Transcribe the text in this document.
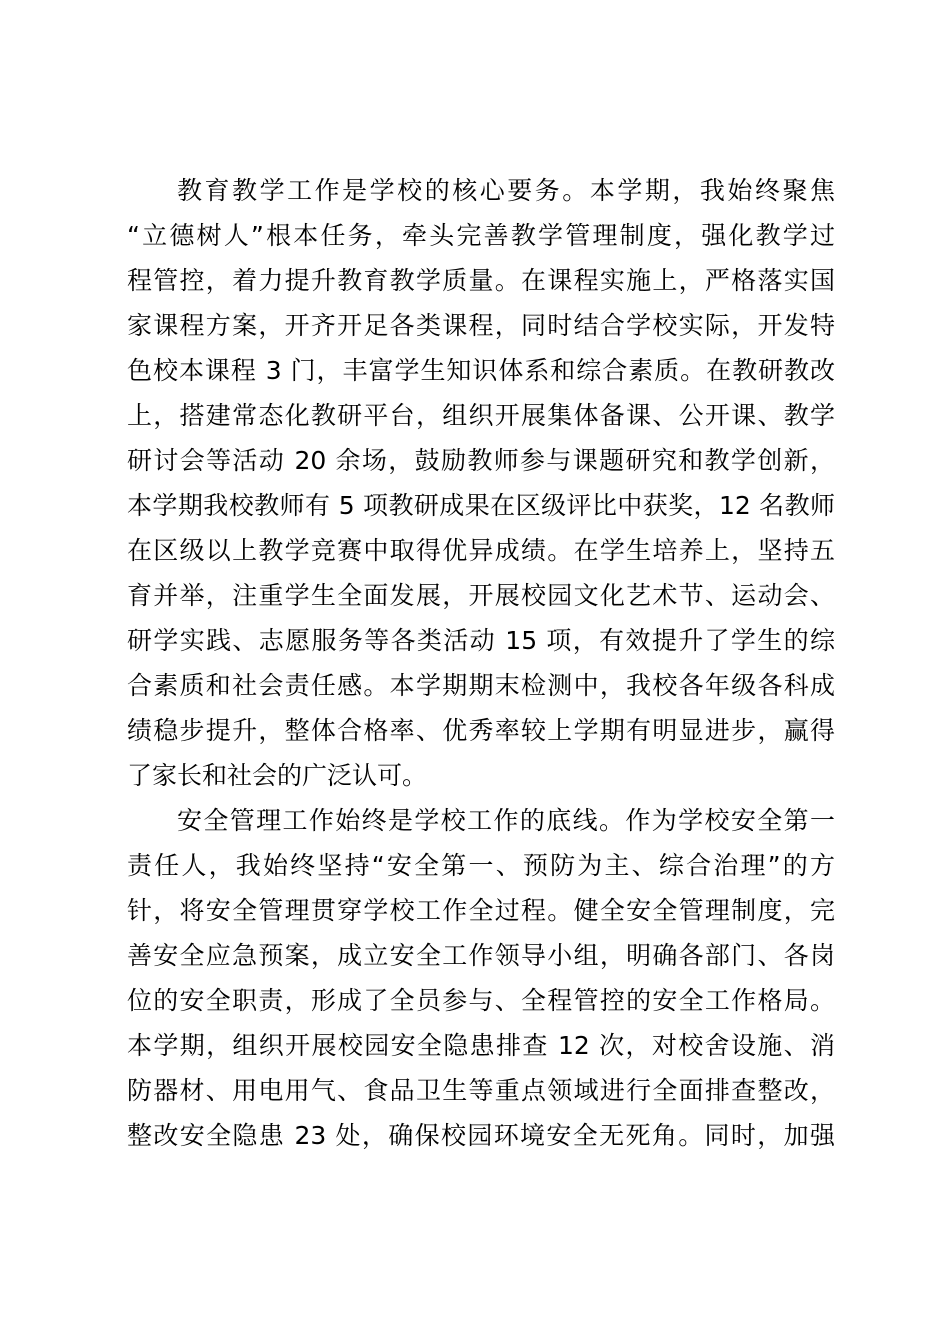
教育教学工作是学校的核心要务。本学期，我始终聚焦
“立德树人”根本任务，牵头完善教学管理制度，强化教学过
程管控，着力提升教育教学质量。在课程实施上，严格落实国
家课程方案，开齐开足各类课程，同时结合学校实际，开发特
色校本课程 3 门，丰富学生知识体系和综合素质。在教研教改
上，搭建常态化教研平台，组织开展集体备课、公开课、教学
研讨会等活动 20 余场，鼓励教师参与课题研究和教学创新，
本学期我校教师有 5 项教研成果在区级评比中获奖，12 名教师
在区级以上教学竞赛中取得优异成绩。在学生培养上，坚持五
育并举，注重学生全面发展，开展校园文化艺术节、运动会、
研学实践、志愿服务等各类活动 15 项，有效提升了学生的综
合素质和社会责任感。本学期期末检测中，我校各年级各科成
绩稳步提升，整体合格率、优秀率较上学期有明显进步，赢得
了家长和社会的广泛认可。
安全管理工作始终是学校工作的底线。作为学校安全第一
责任人，我始终坚持“安全第一、预防为主、综合治理”的方
针，将安全管理贯穿学校工作全过程。健全安全管理制度，完
善安全应急预案，成立安全工作领导小组，明确各部门、各岗
位的安全职责，形成了全员参与、全程管控的安全工作格局。
本学期，组织开展校园安全隐患排查 12 次，对校舍设施、消
防器材、用电用气、食品卫生等重点领域进行全面排查整改，
整改安全隐患 23 处，确保校园环境安全无死角。同时，加强
